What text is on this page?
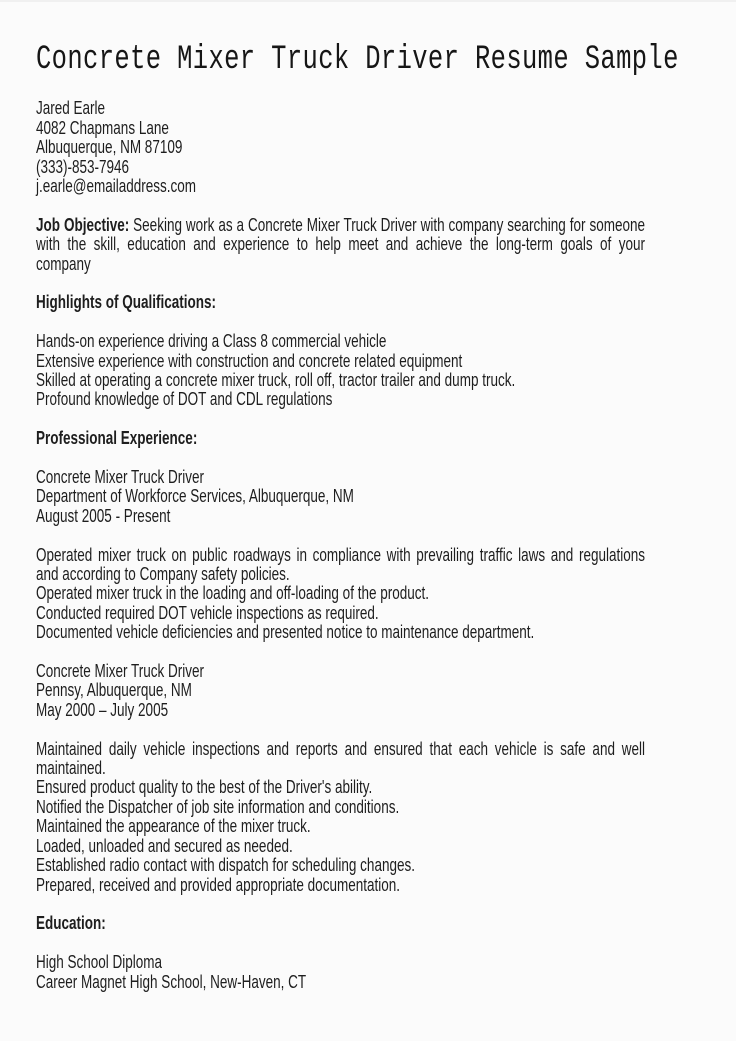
Concrete Mixer Truck Driver Resume Sample
Jared Earle
4082 Chapmans Lane
Albuquerque, NM 87109
(333)-853-7946
j.earle@emailaddress.com

Job Objective: Seeking work as a Concrete Mixer Truck Driver with company searching for someone with the skill, education and experience to help meet and achieve the long-term goals of your company

Highlights of Qualifications:
Hands-on experience driving a Class 8 commercial vehicle
Extensive experience with construction and concrete related equipment
Skilled at operating a concrete mixer truck, roll off, tractor trailer and dump truck.
Profound knowledge of DOT and CDL regulations
Professional Experience:
Concrete Mixer Truck Driver
Department of Workforce Services, Albuquerque, NM
August 2005 - Present
Operated mixer truck on public roadways in compliance with prevailing traffic laws and regulations and according to Company safety policies.
Operated mixer truck in the loading and off-loading of the product.
Conducted required DOT vehicle inspections as required.
Documented vehicle deficiencies and presented notice to maintenance department.
Concrete Mixer Truck Driver
Pennsy, Albuquerque, NM
May 2000 – July 2005
Maintained daily vehicle inspections and reports and ensured that each vehicle is safe and well maintained.
Ensured product quality to the best of the Driver's ability.
Notified the Dispatcher of job site information and conditions.
Maintained the appearance of the mixer truck.
Loaded, unloaded and secured as needed.
Established radio contact with dispatch for scheduling changes.
Prepared, received and provided appropriate documentation.
Education:
High School Diploma
Career Magnet High School, New-Haven, CT
